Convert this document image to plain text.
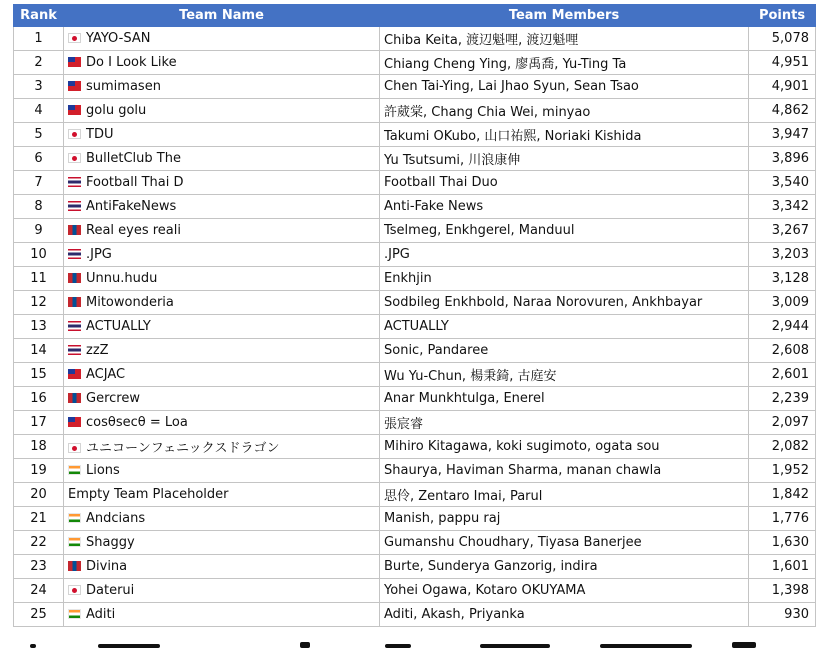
Rank	Team Name	Team Members	Points
1	YAYO-SAN	Chiba Keita, 渡辺魁哩, 渡辺魁哩	5,078
2	Do I Look Like	Chiang Cheng Ying, 廖禹喬, Yu-Ting Ta	4,951
3	sumimasen	Chen Tai-Ying, Lai Jhao Syun, Sean Tsao	4,901
4	golu golu	許葳棠, Chang Chia Wei, minyao	4,862
5	TDU	Takumi OKubo, 山口祐熙, Noriaki Kishida	3,947
6	BulletClub The	Yu Tsutsumi, 川浪康伸	3,896
7	Football Thai D	Football Thai Duo	3,540
8	AntiFakeNews	Anti-Fake News	3,342
9	Real eyes reali	Tselmeg, Enkhgerel, Manduul	3,267
10	.JPG	.JPG	3,203
11	Unnu.hudu	Enkhjin	3,128
12	Mitowonderia	Sodbileg Enkhbold, Naraa Norovuren, Ankhbayar	3,009
13	ACTUALLY	ACTUALLY	2,944
14	zzZ	Sonic, Pandaree	2,608
15	ACJAC	Wu Yu-Chun, 楊秉錡, 古庭安	2,601
16	Gercrew	Anar Munkhtulga, Enerel	2,239
17	cosθsecθ = Loa	張宸睿	2,097
18	ユニコーンフェニックスドラゴン	Mihiro Kitagawa, koki sugimoto, ogata sou	2,082
19	Lions	Shaurya, Haviman Sharma, manan chawla	1,952
20	Empty Team Placeholder	思伶, Zentaro Imai, Parul	1,842
21	Andcians	Manish, pappu raj	1,776
22	Shaggy	Gumanshu Choudhary, Tiyasa Banerjee	1,630
23	Divina	Burte, Sunderya Ganzorig, indira	1,601
24	Daterui	Yohei Ogawa, Kotaro OKUYAMA	1,398
25	Aditi	Aditi, Akash, Priyanka	930
